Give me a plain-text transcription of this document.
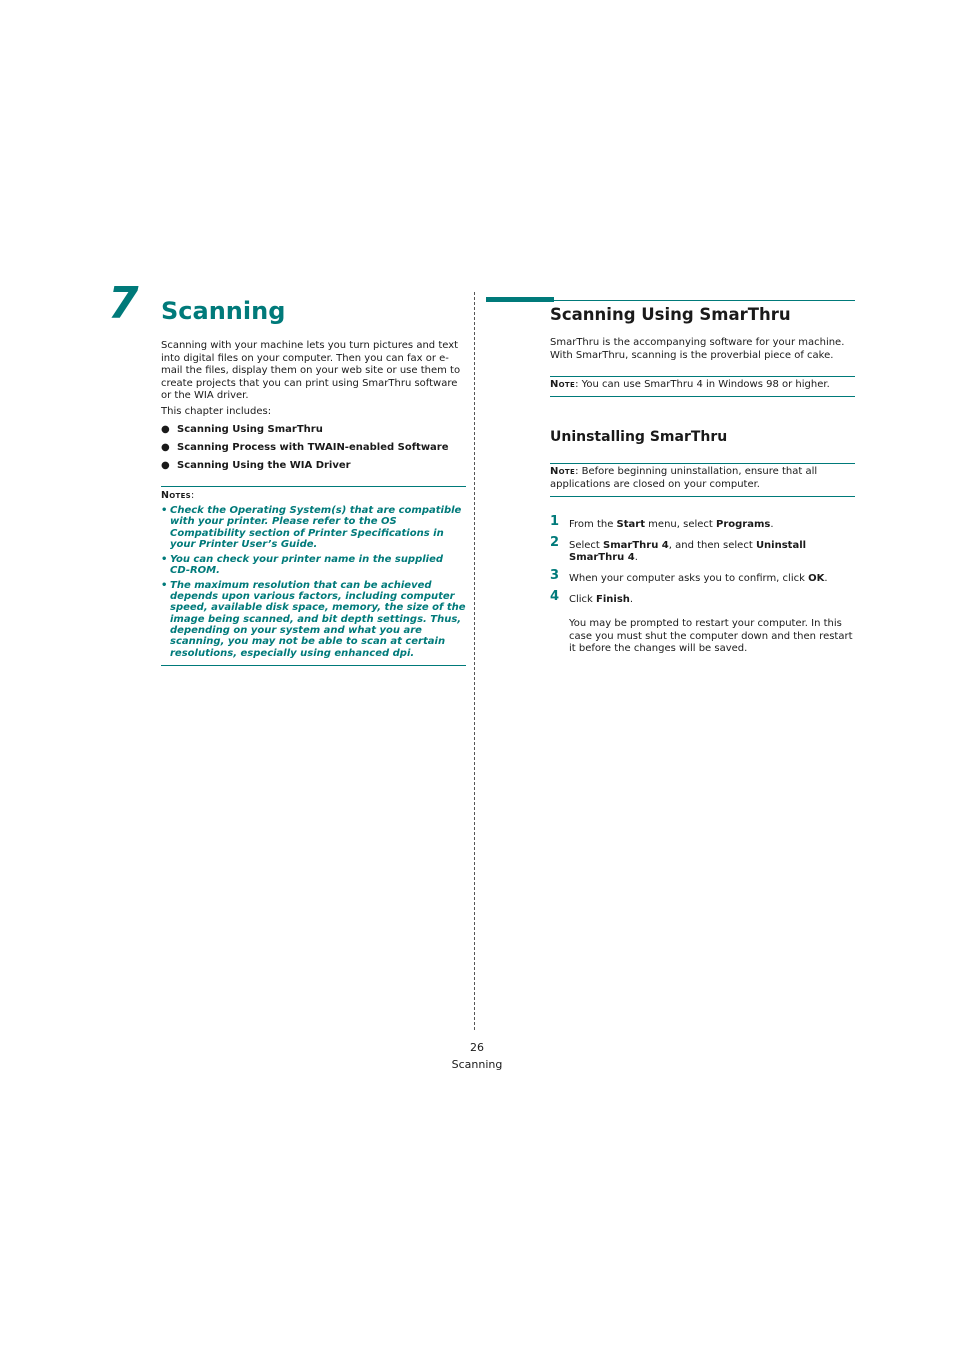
7 Scanning

Scanning with your machine lets you turn pictures and text into digital files on your computer. Then you can fax or e-mail the files, display them on your web site or use them to create projects that you can print using SmarThru software or the WIA driver.

This chapter includes:
● Scanning Using SmarThru
● Scanning Process with TWAIN-enabled Software
● Scanning Using the WIA Driver
Notes:
• Check the Operating System(s) that are compatible with your printer. Please refer to the OS Compatibility section of Printer Specifications in your Printer User’s Guide.
• You can check your printer name in the supplied CD-ROM.
• The maximum resolution that can be achieved depends upon various factors, including computer speed, available disk space, memory, the size of the image being scanned, and bit depth settings. Thus, depending on your system and what you are scanning, you may not be able to scan at certain resolutions, especially using enhanced dpi.
Scanning Using SmarThru

SmarThru is the accompanying software for your machine. With SmarThru, scanning is the proverbial piece of cake.

Note: You can use SmarThru 4 in Windows 98 or higher.
Uninstalling SmarThru
Note: Before beginning uninstallation, ensure that all applications are closed on your computer.
1 From the Start menu, select Programs.
2 Select SmarThru 4, and then select Uninstall SmarThru 4.
3 When your computer asks you to confirm, click OK.
4 Click Finish.

You may be prompted to restart your computer. In this case you must shut the computer down and then restart it before the changes will be saved.

26
Scanning
